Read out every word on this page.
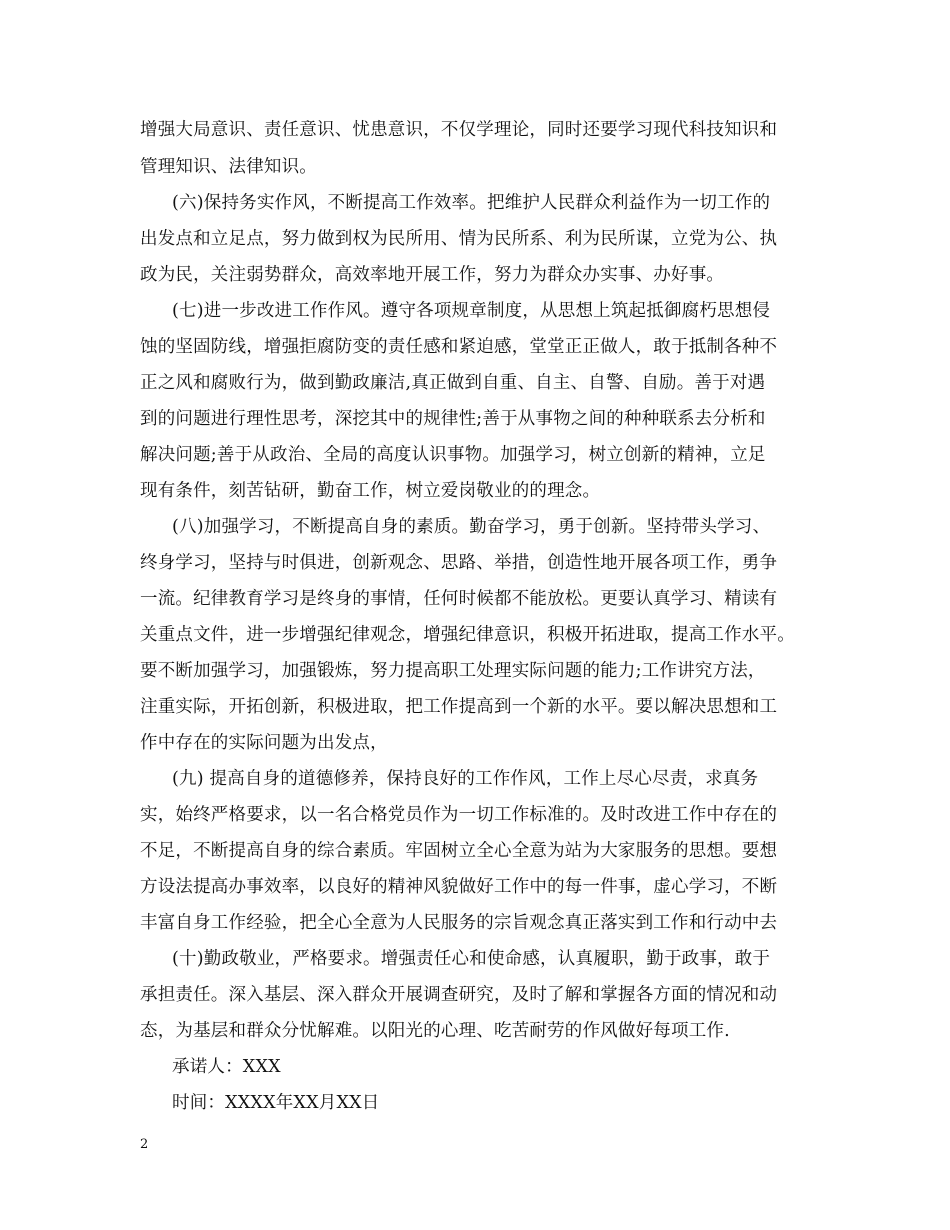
增强大局意识、责任意识、忧患意识，不仅学理论，同时还要学习现代科技知识和
管理知识、法律知识。
(六)保持务实作风，不断提高工作效率。把维护人民群众利益作为一切工作的
出发点和立足点，努力做到权为民所用、情为民所系、利为民所谋，立党为公、执
政为民，关注弱势群众，高效率地开展工作，努力为群众办实事、办好事。
(七)进一步改进工作作风。遵守各项规章制度，从思想上筑起抵御腐朽思想侵
蚀的坚固防线，增强拒腐防变的责任感和紧迫感，堂堂正正做人，敢于抵制各种不
正之风和腐败行为，做到勤政廉洁,真正做到自重、自主、自警、自励。善于对遇
到的问题进行理性思考，深挖其中的规律性;善于从事物之间的种种联系去分析和
解决问题;善于从政治、全局的高度认识事物。加强学习，树立创新的精神，立足
现有条件，刻苦钻研，勤奋工作，树立爱岗敬业的的理念。
(八)加强学习，不断提高自身的素质。勤奋学习，勇于创新。坚持带头学习、
终身学习，坚持与时俱进，创新观念、思路、举措，创造性地开展各项工作，勇争
一流。纪律教育学习是终身的事情，任何时候都不能放松。更要认真学习、精读有
关重点文件，进一步增强纪律观念，增强纪律意识，积极开拓进取，提高工作水平。
要不断加强学习，加强锻炼，努力提高职工处理实际问题的能力;工作讲究方法，
注重实际，开拓创新，积极进取，把工作提高到一个新的水平。要以解决思想和工
作中存在的实际问题为出发点，
(九) 提高自身的道德修养，保持良好的工作作风，工作上尽心尽责，求真务
实，始终严格要求，以一名合格党员作为一切工作标准的。及时改进工作中存在的
不足，不断提高自身的综合素质。牢固树立全心全意为站为大家服务的思想。要想
方设法提高办事效率，以良好的精神风貌做好工作中的每一件事，虚心学习，不断
丰富自身工作经验，把全心全意为人民服务的宗旨观念真正落实到工作和行动中去
(十)勤政敬业，严格要求。增强责任心和使命感，认真履职，勤于政事，敢于
承担责任。深入基层、深入群众开展调查研究，及时了解和掌握各方面的情况和动
态，为基层和群众分忧解难。以阳光的心理、吃苦耐劳的作风做好每项工作.
承诺人：XXX
时间：XXXX年XX月XX日
2
